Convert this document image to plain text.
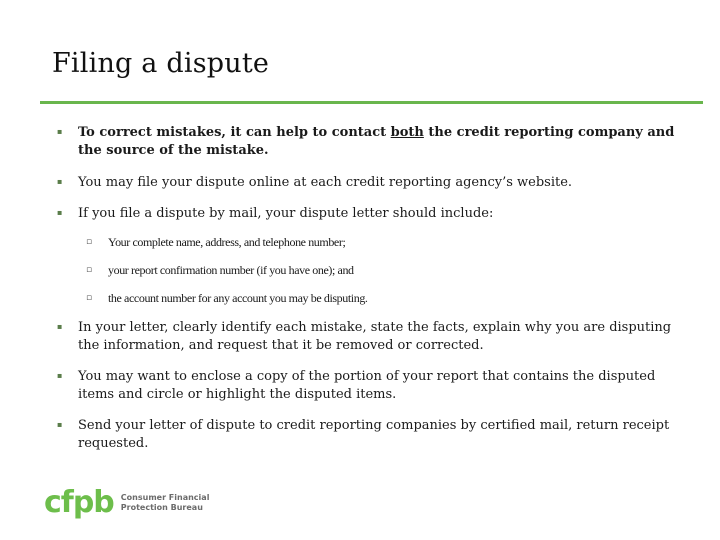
Filing a dispute
▪ To correct mistakes, it can help to contact both the credit reporting company and the source of the mistake.
▪ You may file your dispute online at each credit reporting agency’s website.
▪ If you file a dispute by mail, your dispute letter should include:
▫ Your complete name, address, and telephone number;
▫ your report confirmation number (if you have one); and
▫ the account number for any account you may be disputing.
▪ In your letter, clearly identify each mistake, state the facts, explain why you are disputing the information, and request that it be removed or corrected.
▪ You may want to enclose a copy of the portion of your report that contains the disputed items and circle or highlight the disputed items.
▪ Send your letter of dispute to credit reporting companies by certified mail, return receipt requested.
cfpb Consumer Financial
Protection Bureau
